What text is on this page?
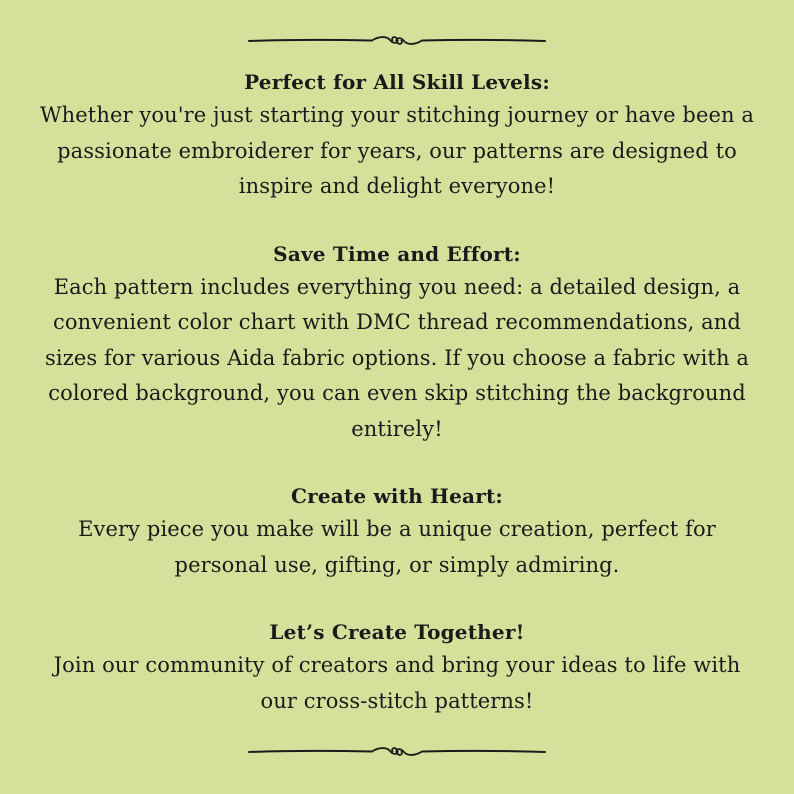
Perfect for All Skill Levels:

Whether you're just starting your stitching journey or have been a
passionate embroiderer for years, our patterns are designed to
inspire and delight everyone!

Save Time and Effort:

Each pattern includes everything you need: a detailed design, a
convenient color chart with DMC thread recommendations, and
sizes for various Aida fabric options. If you choose a fabric with a
colored background, you can even skip stitching the background
entirely!

Create with Heart:

Every piece you make will be a unique creation, perfect for
personal use, gifting, or simply admiring.

Let’s Create Together!

Join our community of creators and bring your ideas to life with
our cross-stitch patterns!
